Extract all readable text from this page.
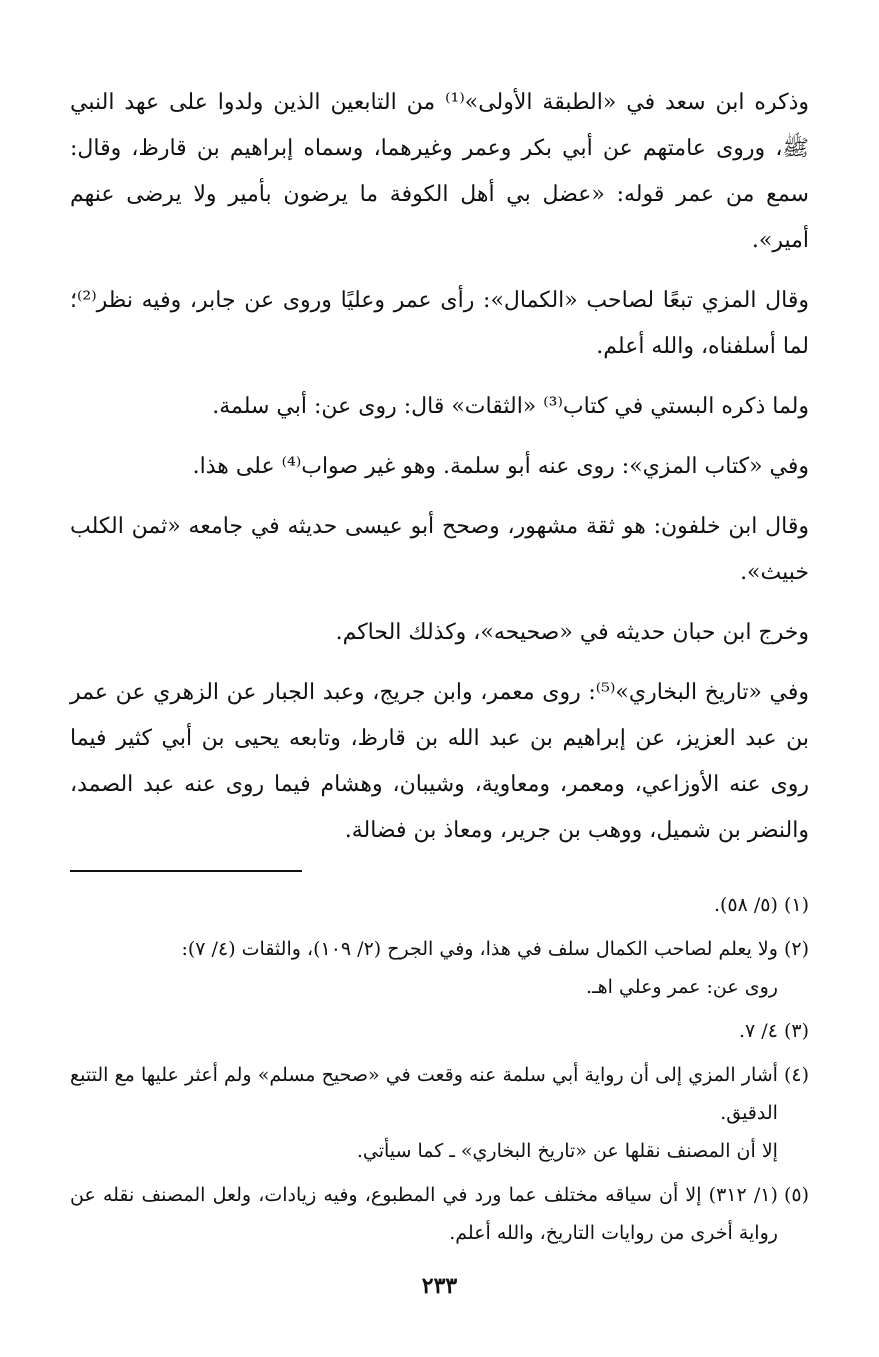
وذكره ابن سعد في «الطبقة الأولى»⁽¹⁾ من التابعين الذين ولدوا على عهد النبي ﷺ، وروى عامتهم عن أبي بكر وعمر وغيرهما، وسماه إبراهيم بن قارظ، وقال: سمع من عمر قوله: «عضل بي أهل الكوفة ما يرضون بأمير ولا يرضى عنهم أمير».

وقال المزي تبعًا لصاحب «الكمال»: رأى عمر وعليًا وروى عن جابر، وفيه نظر⁽²⁾؛ لما أسلفناه، والله أعلم.

ولما ذكره البستي في كتاب⁽³⁾ «الثقات» قال: روى عن: أبي سلمة.

وفي «كتاب المزي»: روى عنه أبو سلمة. وهو غير صواب⁽⁴⁾ على هذا.

وقال ابن خلفون: هو ثقة مشهور، وصحح أبو عيسى حديثه في جامعه «ثمن الكلب خبيث».

وخرج ابن حبان حديثه في «صحيحه»، وكذلك الحاكم.

وفي «تاريخ البخاري»⁽⁵⁾: روى معمر، وابن جريج، وعبد الجبار عن الزهري عن عمر بن عبد العزيز، عن إبراهيم بن عبد الله بن قارظ، وتابعه يحيى بن أبي كثير فيما روى عنه الأوزاعي، ومعمر، ومعاوية، وشيبان، وهشام فيما روى عنه عبد الصمد، والنضر بن شميل، ووهب بن جرير، ومعاذ بن فضالة.

(١)
(٥/ ٥٨).
(٢)
ولا يعلم لصاحب الكمال سلف في هذا، وفي الجرح (٢/ ١٠٩)، والثقات (٤/ ٧):
روى عن: عمر وعلي اهـ.
(٣)
٤/ ٧.
(٤)
أشار المزي إلى أن رواية أبي سلمة عنه وقعت في «صحيح مسلم» ولم أعثر عليها مع التتبع الدقيق.
إلا أن المصنف نقلها عن «تاريخ البخاري» ـ كما سيأتي.
(٥)
(١/ ٣١٢) إلا أن سياقه مختلف عما ورد في المطبوع، وفيه زيادات، ولعل المصنف نقله عن رواية أخرى من روايات التاريخ، والله أعلم.
٢٣٣
